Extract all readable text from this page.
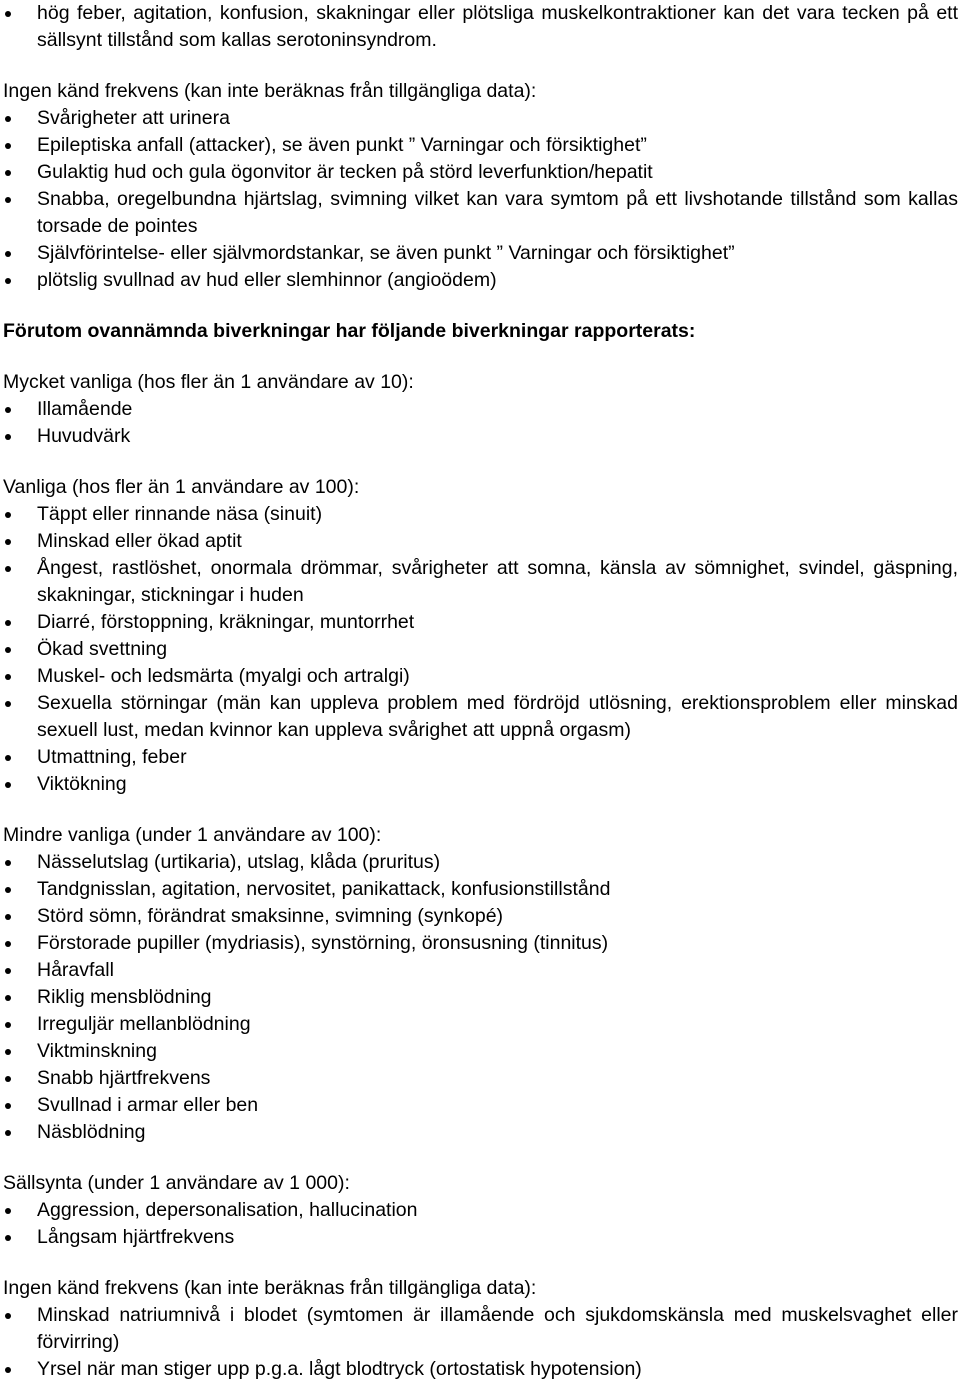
hög feber, agitation, konfusion, skakningar eller plötsliga muskelkontraktioner kan det vara tecken på ett sällsynt tillstånd som kallas serotoninsyndrom.
Ingen känd frekvens (kan inte beräknas från tillgängliga data):
Svårigheter att urinera
Epileptiska anfall (attacker), se även punkt ” Varningar och försiktighet”
Gulaktig hud och gula ögonvitor är tecken på störd leverfunktion/hepatit
Snabba, oregelbundna hjärtslag, svimning vilket kan vara symtom på ett livshotande tillstånd som kallas torsade de pointes
Självförintelse- eller självmordstankar, se även punkt ” Varningar och försiktighet”
plötslig svullnad av hud eller slemhinnor (angioödem)
Förutom ovannämnda biverkningar har följande biverkningar rapporterats:
Mycket vanliga (hos fler än 1 användare av 10):
Illamående
Huvudvärk
Vanliga (hos fler än 1 användare av 100):
Täppt eller rinnande näsa (sinuit)
Minskad eller ökad aptit
Ångest, rastlöshet, onormala drömmar, svårigheter att somna, känsla av sömnighet, svindel, gäspning, skakningar, stickningar i huden
Diarré, förstoppning, kräkningar, muntorrhet
Ökad svettning
Muskel- och ledsmärta (myalgi och artralgi)
Sexuella störningar (män kan uppleva problem med fördröjd utlösning, erektionsproblem eller minskad sexuell lust, medan kvinnor kan uppleva svårighet att uppnå orgasm)
Utmattning, feber
Viktökning
Mindre vanliga (under 1 användare av 100):
Nässelutslag (urtikaria), utslag, klåda (pruritus)
Tandgnisslan, agitation, nervositet, panikattack, konfusionstillstånd
Störd sömn, förändrat smaksinne, svimning (synkopé)
Förstorade pupiller (mydriasis), synstörning, öronsusning (tinnitus)
Håravfall
Riklig mensblödning
Irreguljär mellanblödning
Viktminskning
Snabb hjärtfrekvens
Svullnad i armar eller ben
Näsblödning
Sällsynta (under 1 användare av 1 000):
Aggression, depersonalisation, hallucination
Långsam hjärtfrekvens
Ingen känd frekvens (kan inte beräknas från tillgängliga data):
Minskad natriumnivå i blodet (symtomen är illamående och sjukdomskänsla med muskelsvaghet eller förvirring)
Yrsel när man stiger upp p.g.a. lågt blodtryck (ortostatisk hypotension)
